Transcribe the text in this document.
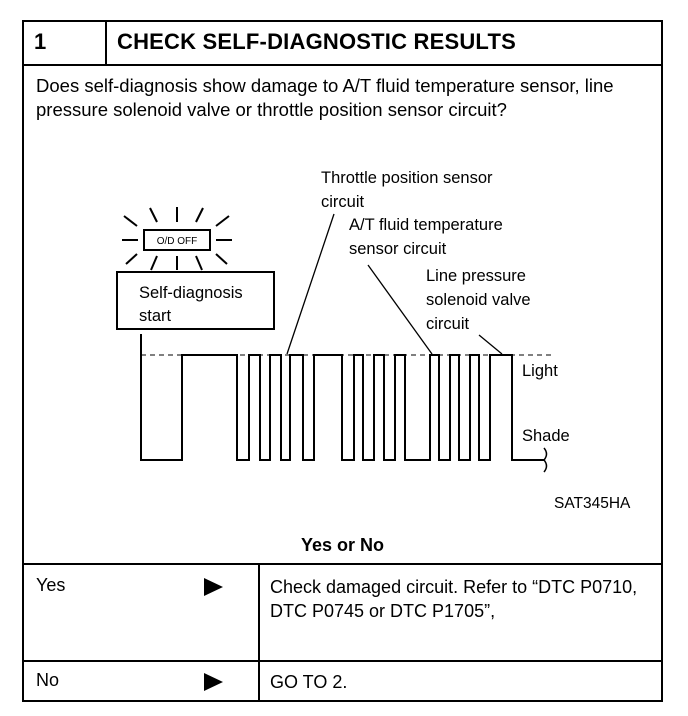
1	CHECK SELF-DIAGNOSTIC RESULTS
Does self-diagnosis show damage to A/T fluid temperature sensor, line pressure solenoid valve or throttle position sensor circuit?
O/D OFF
Self-diagnosis
start
Throttle position sensor
circuit
A/T fluid temperature
sensor circuit
Line pressure
solenoid valve
circuit
Light
Shade
SAT345HA
Yes or No
Yes	Check damaged circuit. Refer to “DTC P0710, DTC P0745 or DTC P1705”,
No	GO TO 2.
